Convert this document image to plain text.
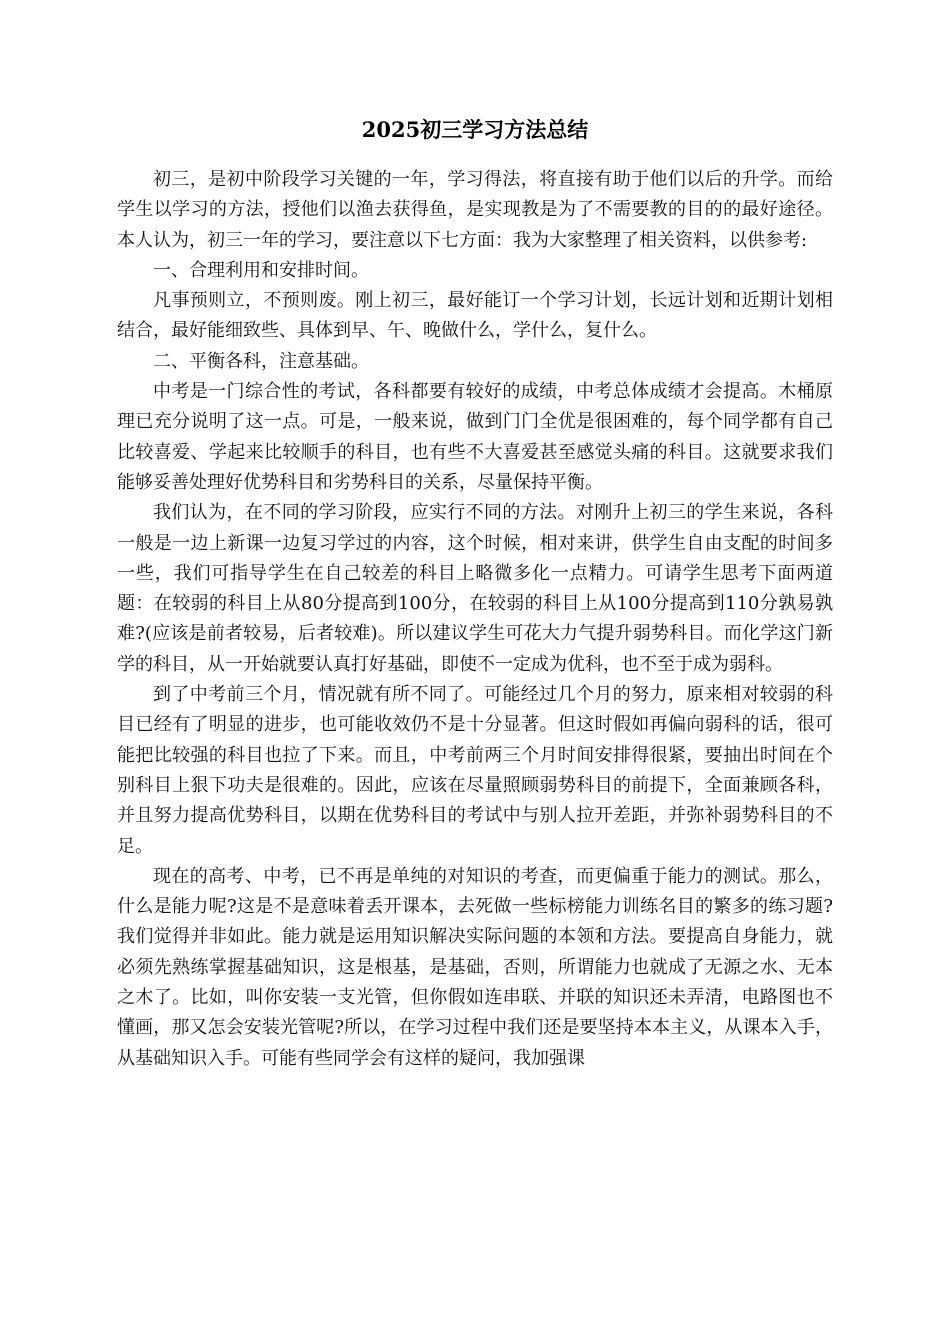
2025初三学习方法总结

初三，是初中阶段学习关键的一年，学习得法，将直接有助于他们以后的升学。而给学生以学习的方法，授他们以渔去获得鱼，是实现教是为了不需要教的目的的最好途径。本人认为，初三一年的学习，要注意以下七方面：我为大家整理了相关资料，以供参考:

一、合理利用和安排时间。

凡事预则立，不预则废。刚上初三，最好能订一个学习计划，长远计划和近期计划相结合，最好能细致些、具体到早、午、晚做什么，学什么，复什么。

二、平衡各科，注意基础。

中考是一门综合性的考试，各科都要有较好的成绩，中考总体成绩才会提高。木桶原理已充分说明了这一点。可是，一般来说，做到门门全优是很困难的，每个同学都有自己比较喜爱、学起来比较顺手的科目，也有些不大喜爱甚至感觉头痛的科目。这就要求我们能够妥善处理好优势科目和劣势科目的关系，尽量保持平衡。

我们认为，在不同的学习阶段，应实行不同的方法。对刚升上初三的学生来说，各科一般是一边上新课一边复习学过的内容，这个时候，相对来讲，供学生自由支配的时间多一些，我们可指导学生在自己较差的科目上略微多化一点精力。可请学生思考下面两道题：在较弱的科目上从80分提高到100分，在较弱的科目上从100分提高到110分孰易孰难?(应该是前者较易，后者较难)。所以建议学生可花大力气提升弱势科目。而化学这门新学的科目，从一开始就要认真打好基础，即使不一定成为优科，也不至于成为弱科。

到了中考前三个月，情况就有所不同了。可能经过几个月的努力，原来相对较弱的科目已经有了明显的进步，也可能收效仍不是十分显著。但这时假如再偏向弱科的话，很可能把比较强的科目也拉了下来。而且，中考前两三个月时间安排得很紧，要抽出时间在个别科目上狠下功夫是很难的。因此，应该在尽量照顾弱势科目的前提下，全面兼顾各科，并且努力提高优势科目，以期在优势科目的考试中与别人拉开差距，并弥补弱势科目的不足。

现在的高考、中考，已不再是单纯的对知识的考查，而更偏重于能力的测试。那么，什么是能力呢?这是不是意味着丢开课本，去死做一些标榜能力训练名目的繁多的练习题?我们觉得并非如此。能力就是运用知识解决实际问题的本领和方法。要提高自身能力，就必须先熟练掌握基础知识，这是根基，是基础，否则，所谓能力也就成了无源之水、无本之木了。比如，叫你安装一支光管，但你假如连串联、并联的知识还未弄清，电路图也不懂画，那又怎会安装光管呢?所以，在学习过程中我们还是要坚持本本主义，从课本入手，从基础知识入手。可能有些同学会有这样的疑问，我加强课
